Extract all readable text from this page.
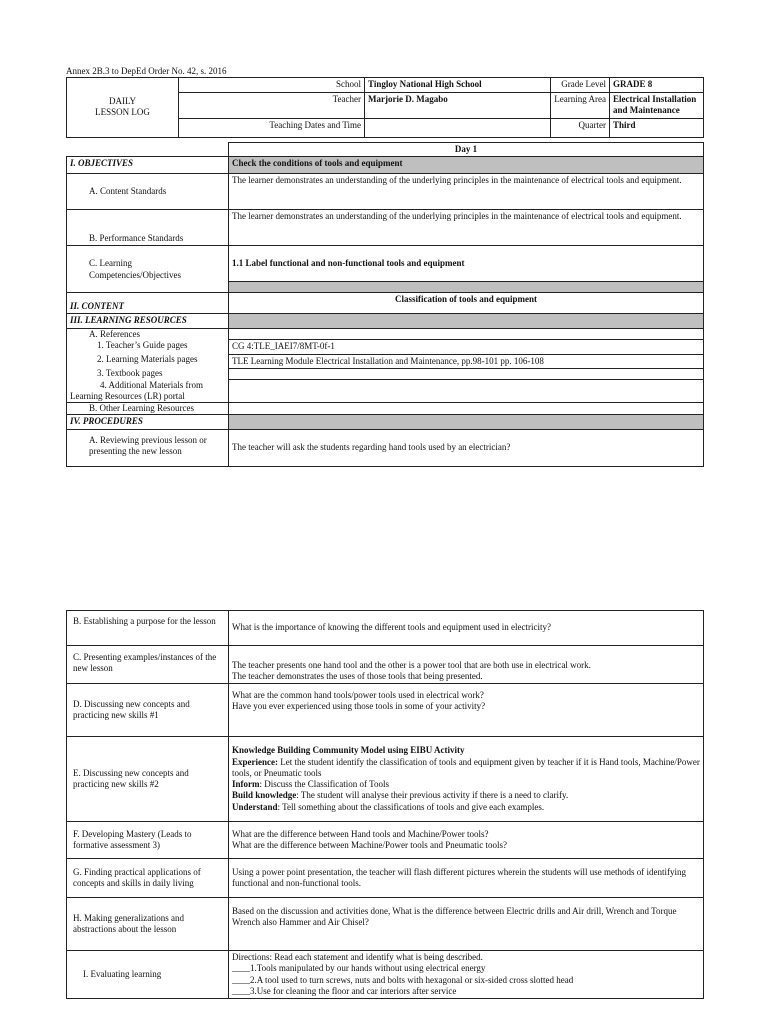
Annex 2B.3 to DepEd Order No. 42, s. 2016
DAILY
LESSON LOG	School	Tingloy National High School	Grade Level	GRADE 8
	Teacher	Marjorie D. Magabo	Learning Area	Electrical Installation and Maintenance
	Teaching Dates and Time		Quarter	Third
	Day 1
I. OBJECTIVES	Check the conditions of tools and equipment
A. Content Standards	The learner demonstrates an understanding of the underlying principles in the maintenance of electrical tools and equipment.
B. Performance Standards	The learner demonstrates an understanding of the underlying principles in the maintenance of electrical tools and equipment.
C. Learning Competencies/Objectives	1.1 Label functional and non-functional tools and equipment

II. CONTENT	Classification of tools and equipment
III. LEARNING RESOURCES	
A. References	
1. Teacher’s Guide pages	CG 4:TLE_IAEI7/8MT-0f-1
2. Learning Materials pages	TLE Learning Module Electrical Installation and Maintenance, pp.98-101 pp. 106-108
3. Textbook pages	
4. Additional Materials from Learning Resources (LR) portal	
B. Other Learning Resources	
IV. PROCEDURES	
A. Reviewing previous lesson or presenting the new lesson	The teacher will ask the students regarding hand tools used by an electrician?
B. Establishing a purpose for the lesson	What is the importance of knowing the different tools and equipment used in electricity?
C. Presenting examples/instances of the new lesson	The teacher presents one hand tool and the other is a power tool that are both use in electrical work.
The teacher demonstrates the uses of those tools that being presented.

D. Discussing new concepts and practicing new skills #1	What are the common hand tools/power tools used in electrical work?
Have you ever experienced using those tools in some of your activity?

E. Discussing new concepts and practicing new skills #2	Knowledge Building Community Model using EIBU Activity
Experience: Let the student identify the classification of tools and equipment given by teacher if it is Hand tools, Machine/Power tools, or Pneumatic tools
Inform: Discuss the Classification of Tools
Build knowledge: The student will analyse their previous activity if there is a need to clarify.
Understand: Tell something about the classifications of tools and give each examples.

F. Developing Mastery (Leads to formative assessment 3)	What are the difference between Hand tools and Machine/Power tools?
What are the difference between Machine/Power tools and Pneumatic tools?

G. Finding practical applications of concepts and skills in daily living	Using a power point presentation, the teacher will flash different pictures wherein the students will use methods of identifying functional and non-functional tools.
H. Making generalizations and abstractions about the lesson	Based on the discussion and activities done, What is the difference between Electric drills and Air drill, Wrench and Torque Wrench also Hammer and Air Chisel?
I. Evaluating learning	Directions: Read each statement and identify what is being described.
____1.Tools manipulated by our hands without using electrical energy
____2.A tool used to turn screws, nuts and bolts with hexagonal or six-sided cross slotted head
____3.Use for cleaning the floor and car interiors after service
